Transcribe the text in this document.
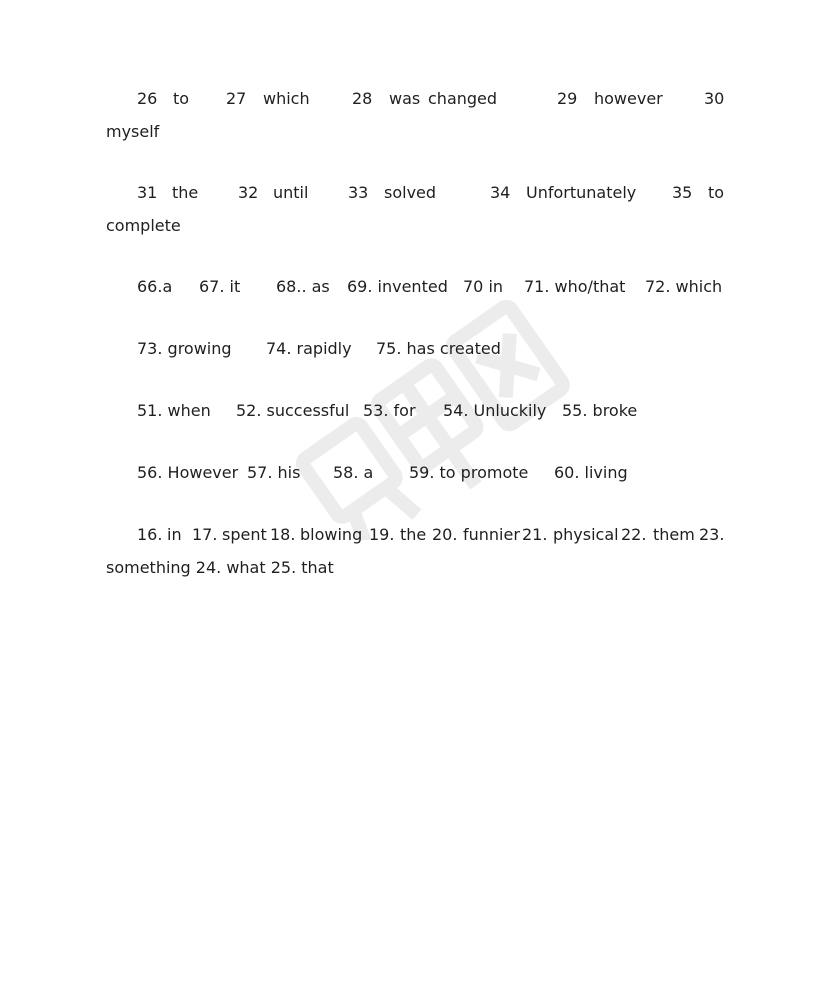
26 to 27 which	28 was changed	29 however	30
myself
31 the 32 until 33 solved	34 Unfortunately 35 to
complete
66.a 67. it 68.. as 69. invented 70 in 71. who/that 72. which
73. growing 74. rapidly 75. has created
51. when 52. successful 53. for 54. Unluckily 55. broke
56. However 57. his 58. a 59. to promote 60. living
16. in 17. spent 18. blowing 19. the 20. funnier 21. physical 22. them 23.
something 24. what 25. that
